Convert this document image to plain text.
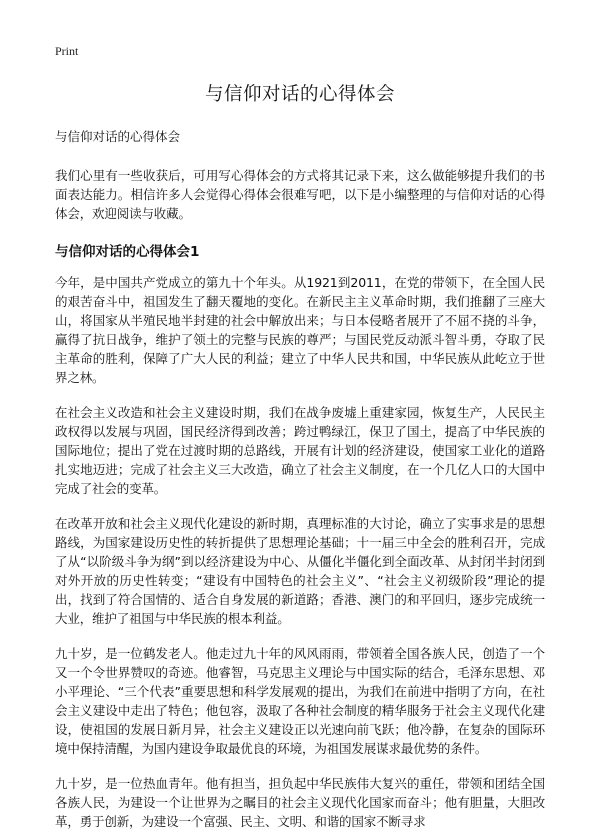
Print
与信仰对话的心得体会
与信仰对话的心得体会
我们心里有一些收获后，可用写心得体会的方式将其记录下来，这么做能够提升我们的书面表达能力。相信许多人会觉得心得体会很难写吧，以下是小编整理的与信仰对话的心得体会，欢迎阅读与收藏。
与信仰对话的心得体会1
今年，是中国共产党成立的第九十个年头。从1921到2011，在党的带领下，在全国人民的艰苦奋斗中，祖国发生了翻天覆地的变化。在新民主主义革命时期，我们推翻了三座大山，将国家从半殖民地半封建的社会中解放出来；与日本侵略者展开了不屈不挠的斗争，赢得了抗日战争，维护了领土的完整与民族的尊严；与国民党反动派斗智斗勇，夺取了民主革命的胜利，保障了广大人民的利益；建立了中华人民共和国，中华民族从此屹立于世界之林。
在社会主义改造和社会主义建设时期，我们在战争废墟上重建家园，恢复生产，人民民主政权得以发展与巩固，国民经济得到改善；跨过鸭绿江，保卫了国土，提高了中华民族的国际地位；提出了党在过渡时期的总路线，开展有计划的经济建设，使国家工业化的道路扎实地迈进；完成了社会主义三大改造，确立了社会主义制度，在一个几亿人口的大国中完成了社会的变革。
在改革开放和社会主义现代化建设的新时期，真理标准的大讨论，确立了实事求是的思想路线，为国家建设历史性的转折提供了思想理论基础；十一届三中全会的胜利召开，完成了从“以阶级斗争为纲”到以经济建设为中心、从僵化半僵化到全面改革、从封闭半封闭到对外开放的历史性转变；“建设有中国特色的社会主义”、“社会主义初级阶段”理论的提出，找到了符合国情的、适合自身发展的新道路；香港、澳门的和平回归，逐步完成统一大业，维护了祖国与中华民族的根本利益。
九十岁，是一位鹤发老人。他走过九十年的风风雨雨，带领着全国各族人民，创造了一个又一个令世界赞叹的奇迹。他睿智，马克思主义理论与中国实际的结合，毛泽东思想、邓小平理论、“三个代表”重要思想和科学发展观的提出，为我们在前进中指明了方向，在社会主义建设中走出了特色；他包容，汲取了各种社会制度的精华服务于社会主义现代化建设，使祖国的发展日新月异，社会主义建设正以光速向前飞跃；他冷静，在复杂的国际环境中保持清醒，为国内建设争取最优良的环境，为祖国发展谋求最优势的条件。
九十岁，是一位热血青年。他有担当，担负起中华民族伟大复兴的重任，带领和团结全国各族人民，为建设一个让世界为之瞩目的社会主义现代化国家而奋斗；他有胆量，大胆改革，勇于创新，为建设一个富强、民主、文明、和谐的国家不断寻求
